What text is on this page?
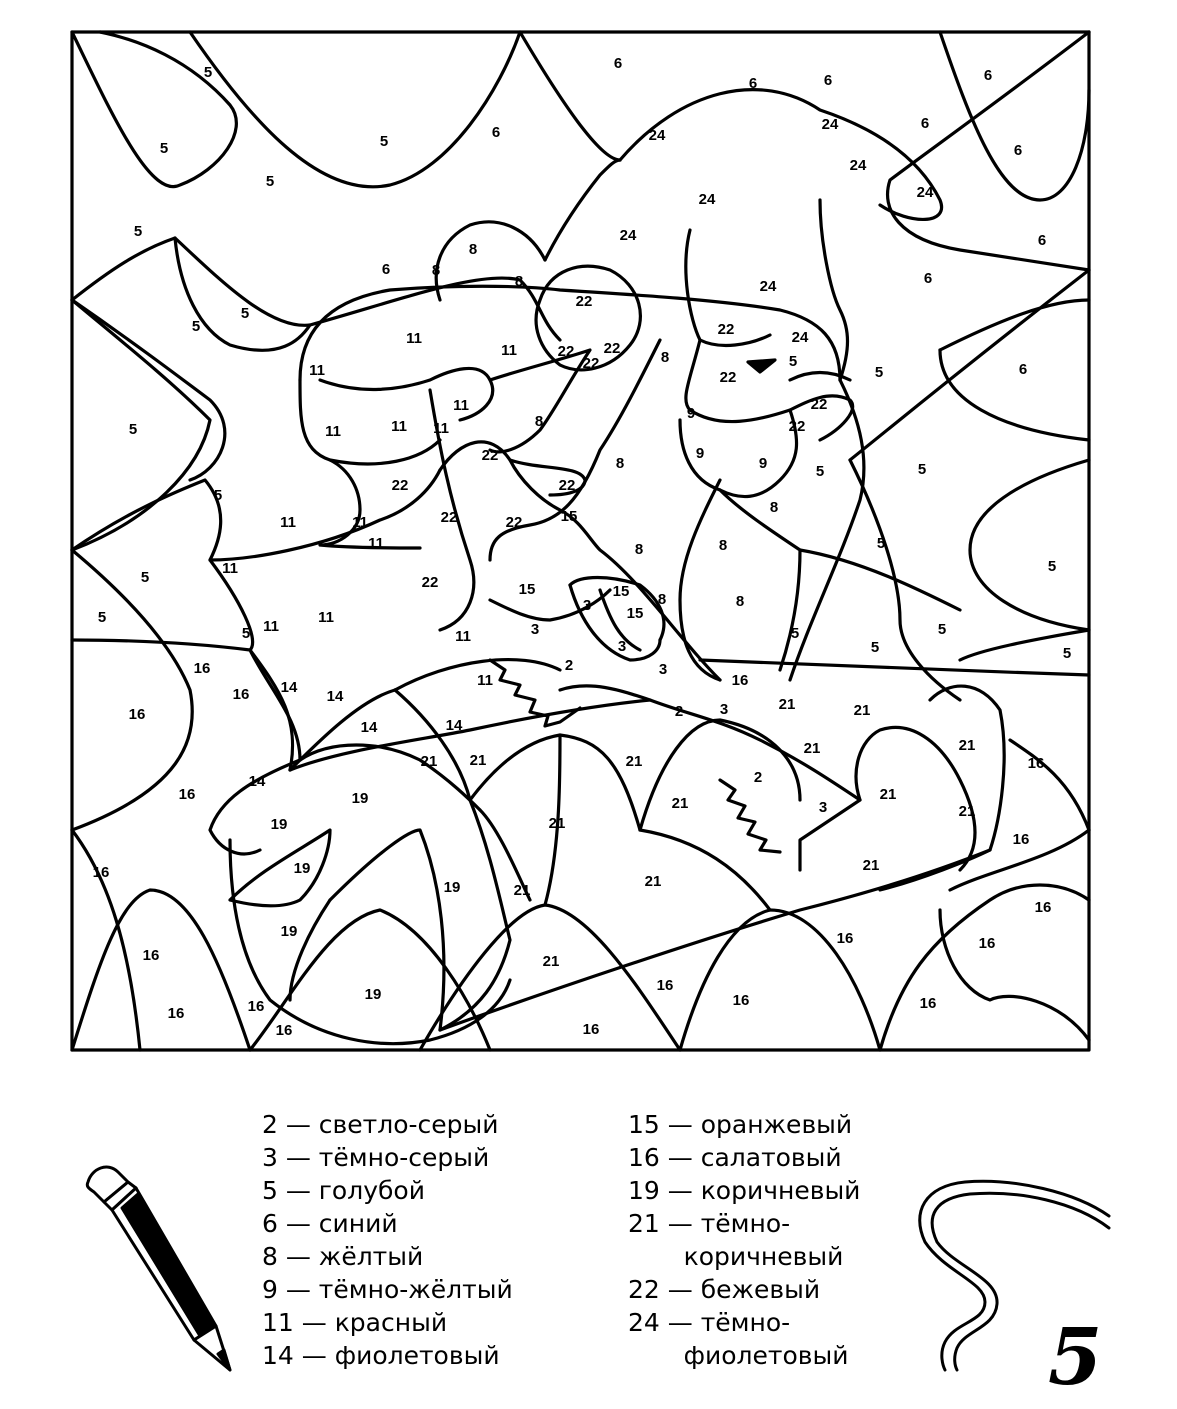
5
5	5
6
6
6	6	6
5
5
24
24	6
6
24
24
24
24	6
8
6	8
8	6
24
22
5
5
11
11
22	24
22 22
22	8	5
11	22	5	6
11	9
22
5	11	11 11	8	22
22	9
9
8	5	5
22	22
5
8
11	11	22	22	15
11	8	8	5
11	5
5	22	15	15 8	8
3 15
5	11
11
5	3	5
11
3
5
5	5
16	2	3
11	16
14
16	14
16
21	21
2 3
14	14
21
21
21 21	21	16
14	2
16	19	21
21
21
3
19	21
16
19	21
16
21
19	21
16
19	16	16
16	21
19
16
16	16
16
16
16	16
2 — светло-серый
3 — тёмно-серый
5 — голубой
6 — синий
8 — жёлтый
9 — тёмно-жёлтый
11 — красный
14 — фиолетовый
15 — оранжевый
16 — салатовый
19 — коричневый
21 — тёмно-
коричневый
22 — бежевый
24 — тёмно-
фиолетовый	5
